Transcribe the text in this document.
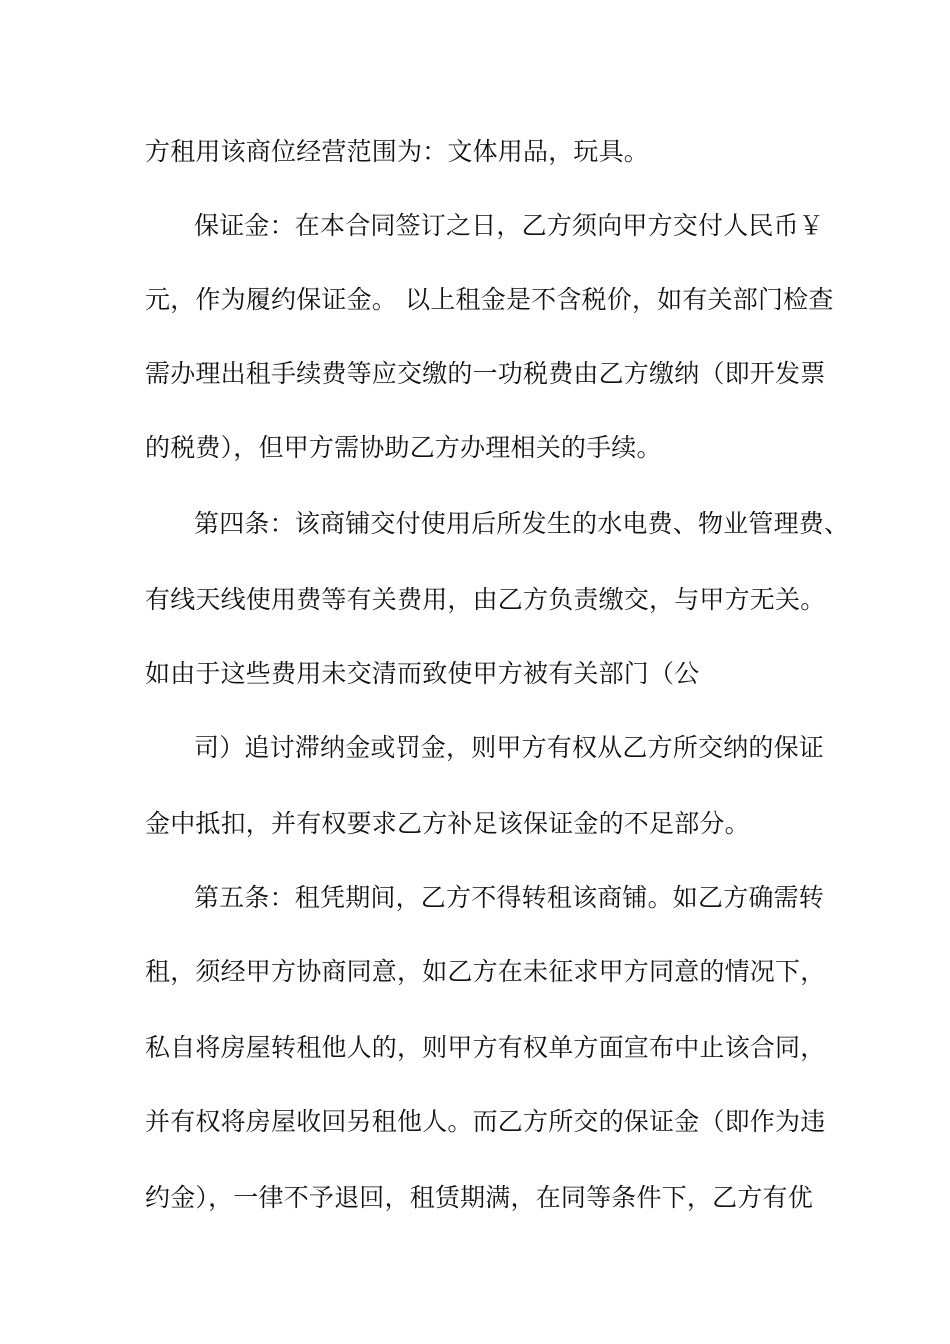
方租用该商位经营范围为：文体用品，玩具。
保证金：在本合同签订之日，乙方须向甲方交付人民币￥
元，作为履约保证金。 以上租金是不含税价，如有关部门检查
需办理出租手续费等应交缴的一功税费由乙方缴纳（即开发票
的税费），但甲方需协助乙方办理相关的手续。
第四条：该商铺交付使用后所发生的水电费、物业管理费、
有线天线使用费等有关费用，由乙方负责缴交，与甲方无关。
如由于这些费用未交清而致使甲方被有关部门（公
司）追讨滞纳金或罚金，则甲方有权从乙方所交纳的保证
金中抵扣，并有权要求乙方补足该保证金的不足部分。
第五条：租凭期间，乙方不得转租该商铺。如乙方确需转
租，须经甲方协商同意，如乙方在未征求甲方同意的情况下，
私自将房屋转租他人的，则甲方有权单方面宣布中止该合同，
并有权将房屋收回另租他人。而乙方所交的保证金（即作为违
约金），一律不予退回，租赁期满，在同等条件下，乙方有优
